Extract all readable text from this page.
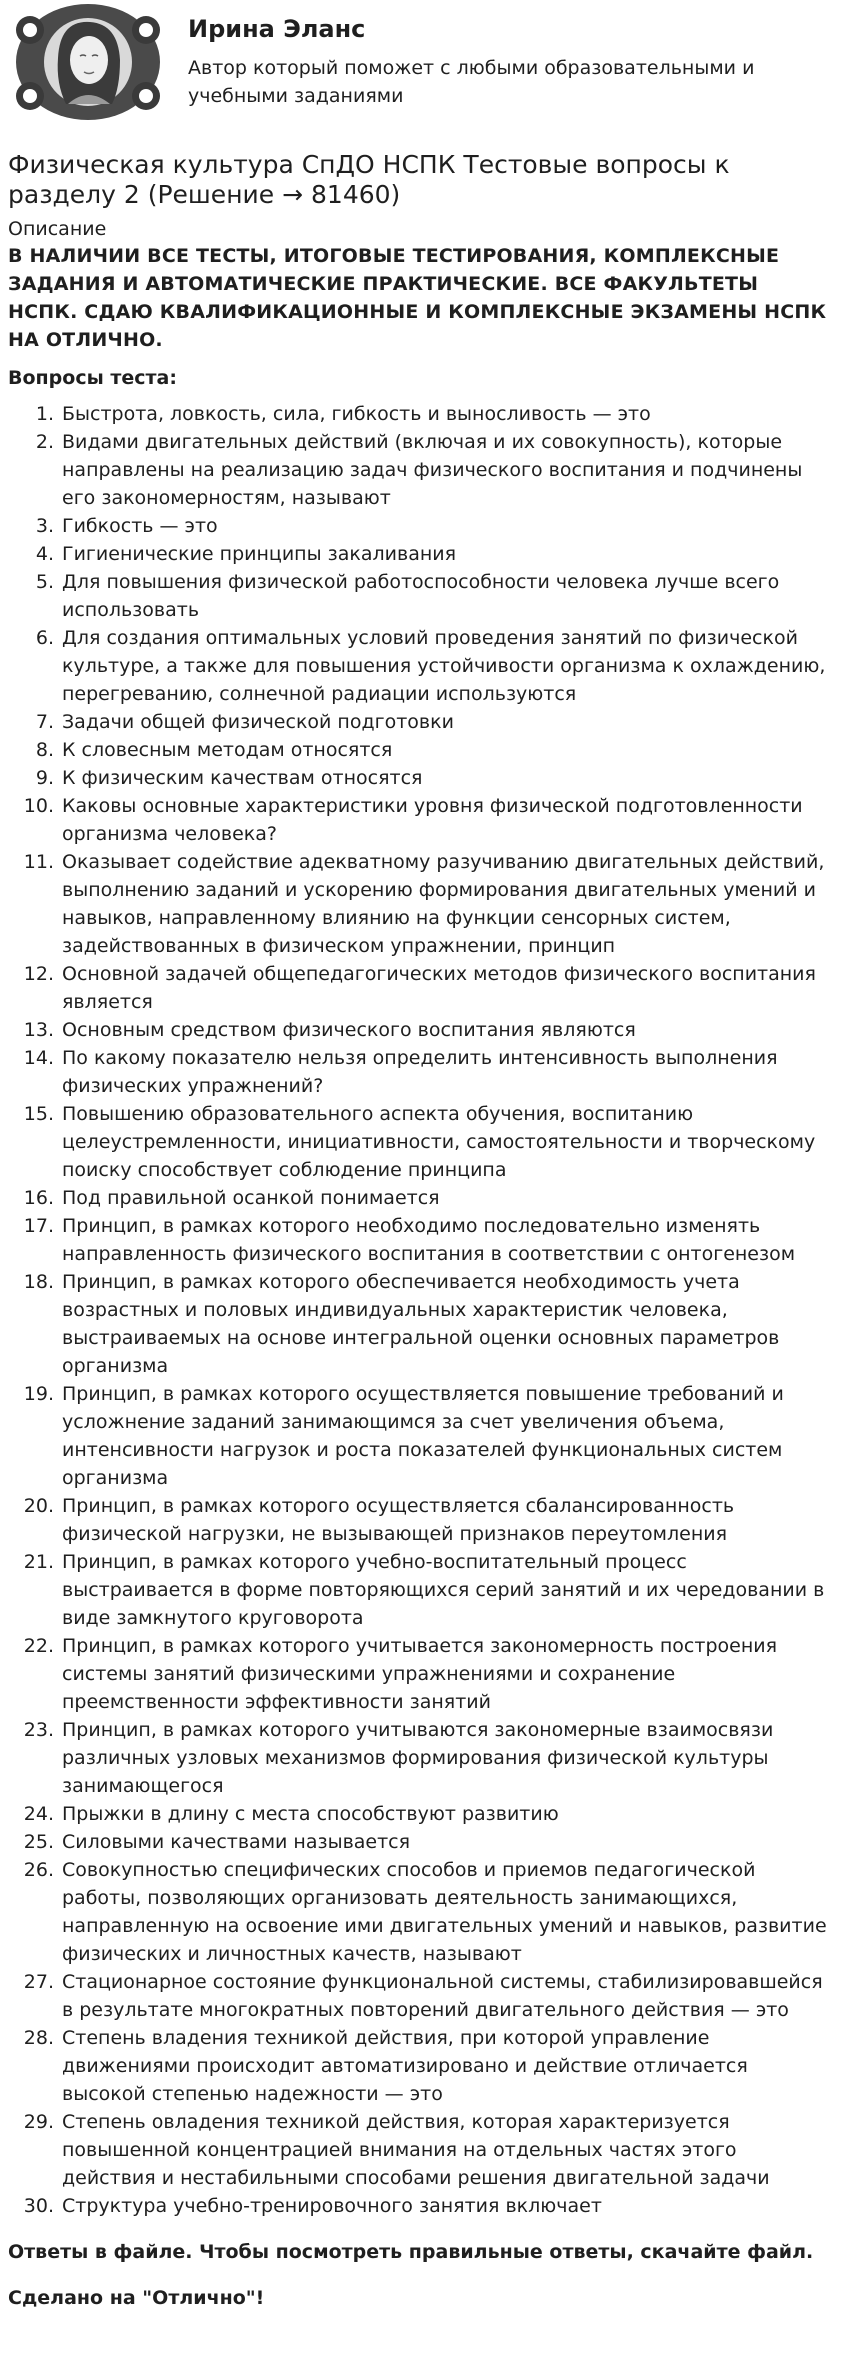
Ирина Эланс
Автор который поможет с любыми образовательными и учебными заданиями
Физическая культура СпДО НСПК Тестовые вопросы к разделу 2 (Решение → 81460)
Описание
В НАЛИЧИИ ВСЕ ТЕСТЫ, ИТОГОВЫЕ ТЕСТИРОВАНИЯ, КОМПЛЕКСНЫЕ ЗАДАНИЯ И АВТОМАТИЧЕСКИЕ ПРАКТИЧЕСКИЕ. ВСЕ ФАКУЛЬТЕТЫ НСПК. СДАЮ КВАЛИФИКАЦИОННЫЕ И КОМПЛЕКСНЫЕ ЭКЗАМЕНЫ НСПК НА ОТЛИЧНО.
Вопросы теста:
1. Быстрота, ловкость, сила, гибкость и выносливость — это
2. Видами двигательных действий (включая и их совокупность), которые направлены на реализацию задач физического воспитания и подчинены его закономерностям, называют
3. Гибкость — это
4. Гигиенические принципы закаливания
5. Для повышения физической работоспособности человека лучше всего использовать
6. Для создания оптимальных условий проведения занятий по физической культуре, а также для повышения устойчивости организма к охлаждению, перегреванию, солнечной радиации используются
7. Задачи общей физической подготовки
8. К словесным методам относятся
9. К физическим качествам относятся
10. Каковы основные характеристики уровня физической подготовленности организма человека?
11. Оказывает содействие адекватному разучиванию двигательных действий, выполнению заданий и ускорению формирования двигательных умений и навыков, направленному влиянию на функции сенсорных систем, задействованных в физическом упражнении, принцип
12. Основной задачей общепедагогических методов физического воспитания является
13. Основным средством физического воспитания являются
14. По какому показателю нельзя определить интенсивность выполнения физических упражнений?
15. Повышению образовательного аспекта обучения, воспитанию целеустремленности, инициативности, самостоятельности и творческому поиску способствует соблюдение принципа
16. Под правильной осанкой понимается
17. Принцип, в рамках которого необходимо последовательно изменять направленность физического воспитания в соответствии с онтогенезом
18. Принцип, в рамках которого обеспечивается необходимость учета возрастных и половых индивидуальных характеристик человека, выстраиваемых на основе интегральной оценки основных параметров организма
19. Принцип, в рамках которого осуществляется повышение требований и усложнение заданий занимающимся за счет увеличения объема, интенсивности нагрузок и роста показателей функциональных систем организма
20. Принцип, в рамках которого осуществляется сбалансированность физической нагрузки, не вызывающей признаков переутомления
21. Принцип, в рамках которого учебно-воспитательный процесс выстраивается в форме повторяющихся серий занятий и их чередовании в виде замкнутого круговорота
22. Принцип, в рамках которого учитывается закономерность построения системы занятий физическими упражнениями и сохранение преемственности эффективности занятий
23. Принцип, в рамках которого учитываются закономерные взаимосвязи различных узловых механизмов формирования физической культуры занимающегося
24. Прыжки в длину с места способствуют развитию
25. Силовыми качествами называется
26. Совокупностью специфических способов и приемов педагогической работы, позволяющих организовать деятельность занимающихся, направленную на освоение ими двигательных умений и навыков, развитие физических и личностных качеств, называют
27. Стационарное состояние функциональной системы, стабилизировавшейся в результате многократных повторений двигательного действия — это
28. Степень владения техникой действия, при которой управление движениями происходит автоматизировано и действие отличается высокой степенью надежности — это
29. Степень овладения техникой действия, которая характеризуется повышенной концентрацией внимания на отдельных частях этого действия и нестабильными способами решения двигательной задачи
30. Структура учебно-тренировочного занятия включает
Ответы в файле. Чтобы посмотреть правильные ответы, скачайте файл.
Сделано на "Отлично"!
